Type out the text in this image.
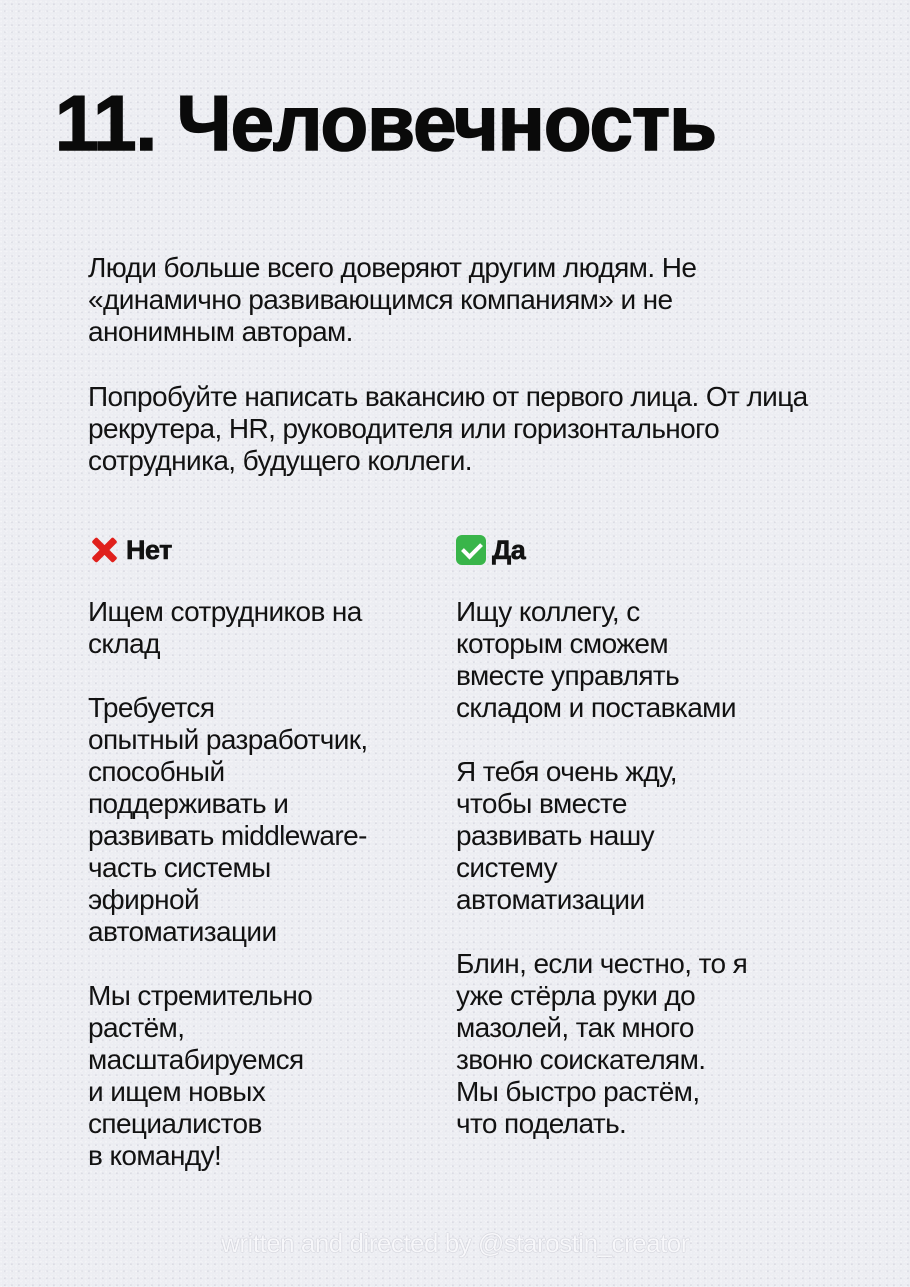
11. Человечность

Люди больше всего доверяют другим людям. Не «динамично развивающимся компаниям» и не анонимным авторам.

Попробуйте написать вакансию от первого лица. От лица рекрутера, HR, руководителя или горизонтального сотрудника, будущего коллеги.

Нет

Ищем сотрудников на
склад

Требуется
опытный разработчик,
способный
поддерживать и
развивать middleware-
часть системы
эфирной
автоматизации

Мы стремительно
растём,
масштабируемся
и ищем новых
специалистов
в команду!

Да

Ищу коллегу, с
которым сможем
вместе управлять
складом и поставками

Я тебя очень жду,
чтобы вместе
развивать нашу
систему
автоматизации

Блин, если честно, то я
уже стёрла руки до
мазолей, так много
звоню соискателям.
Мы быстро растём,
что поделать.

written and directed by @starostin_creator
